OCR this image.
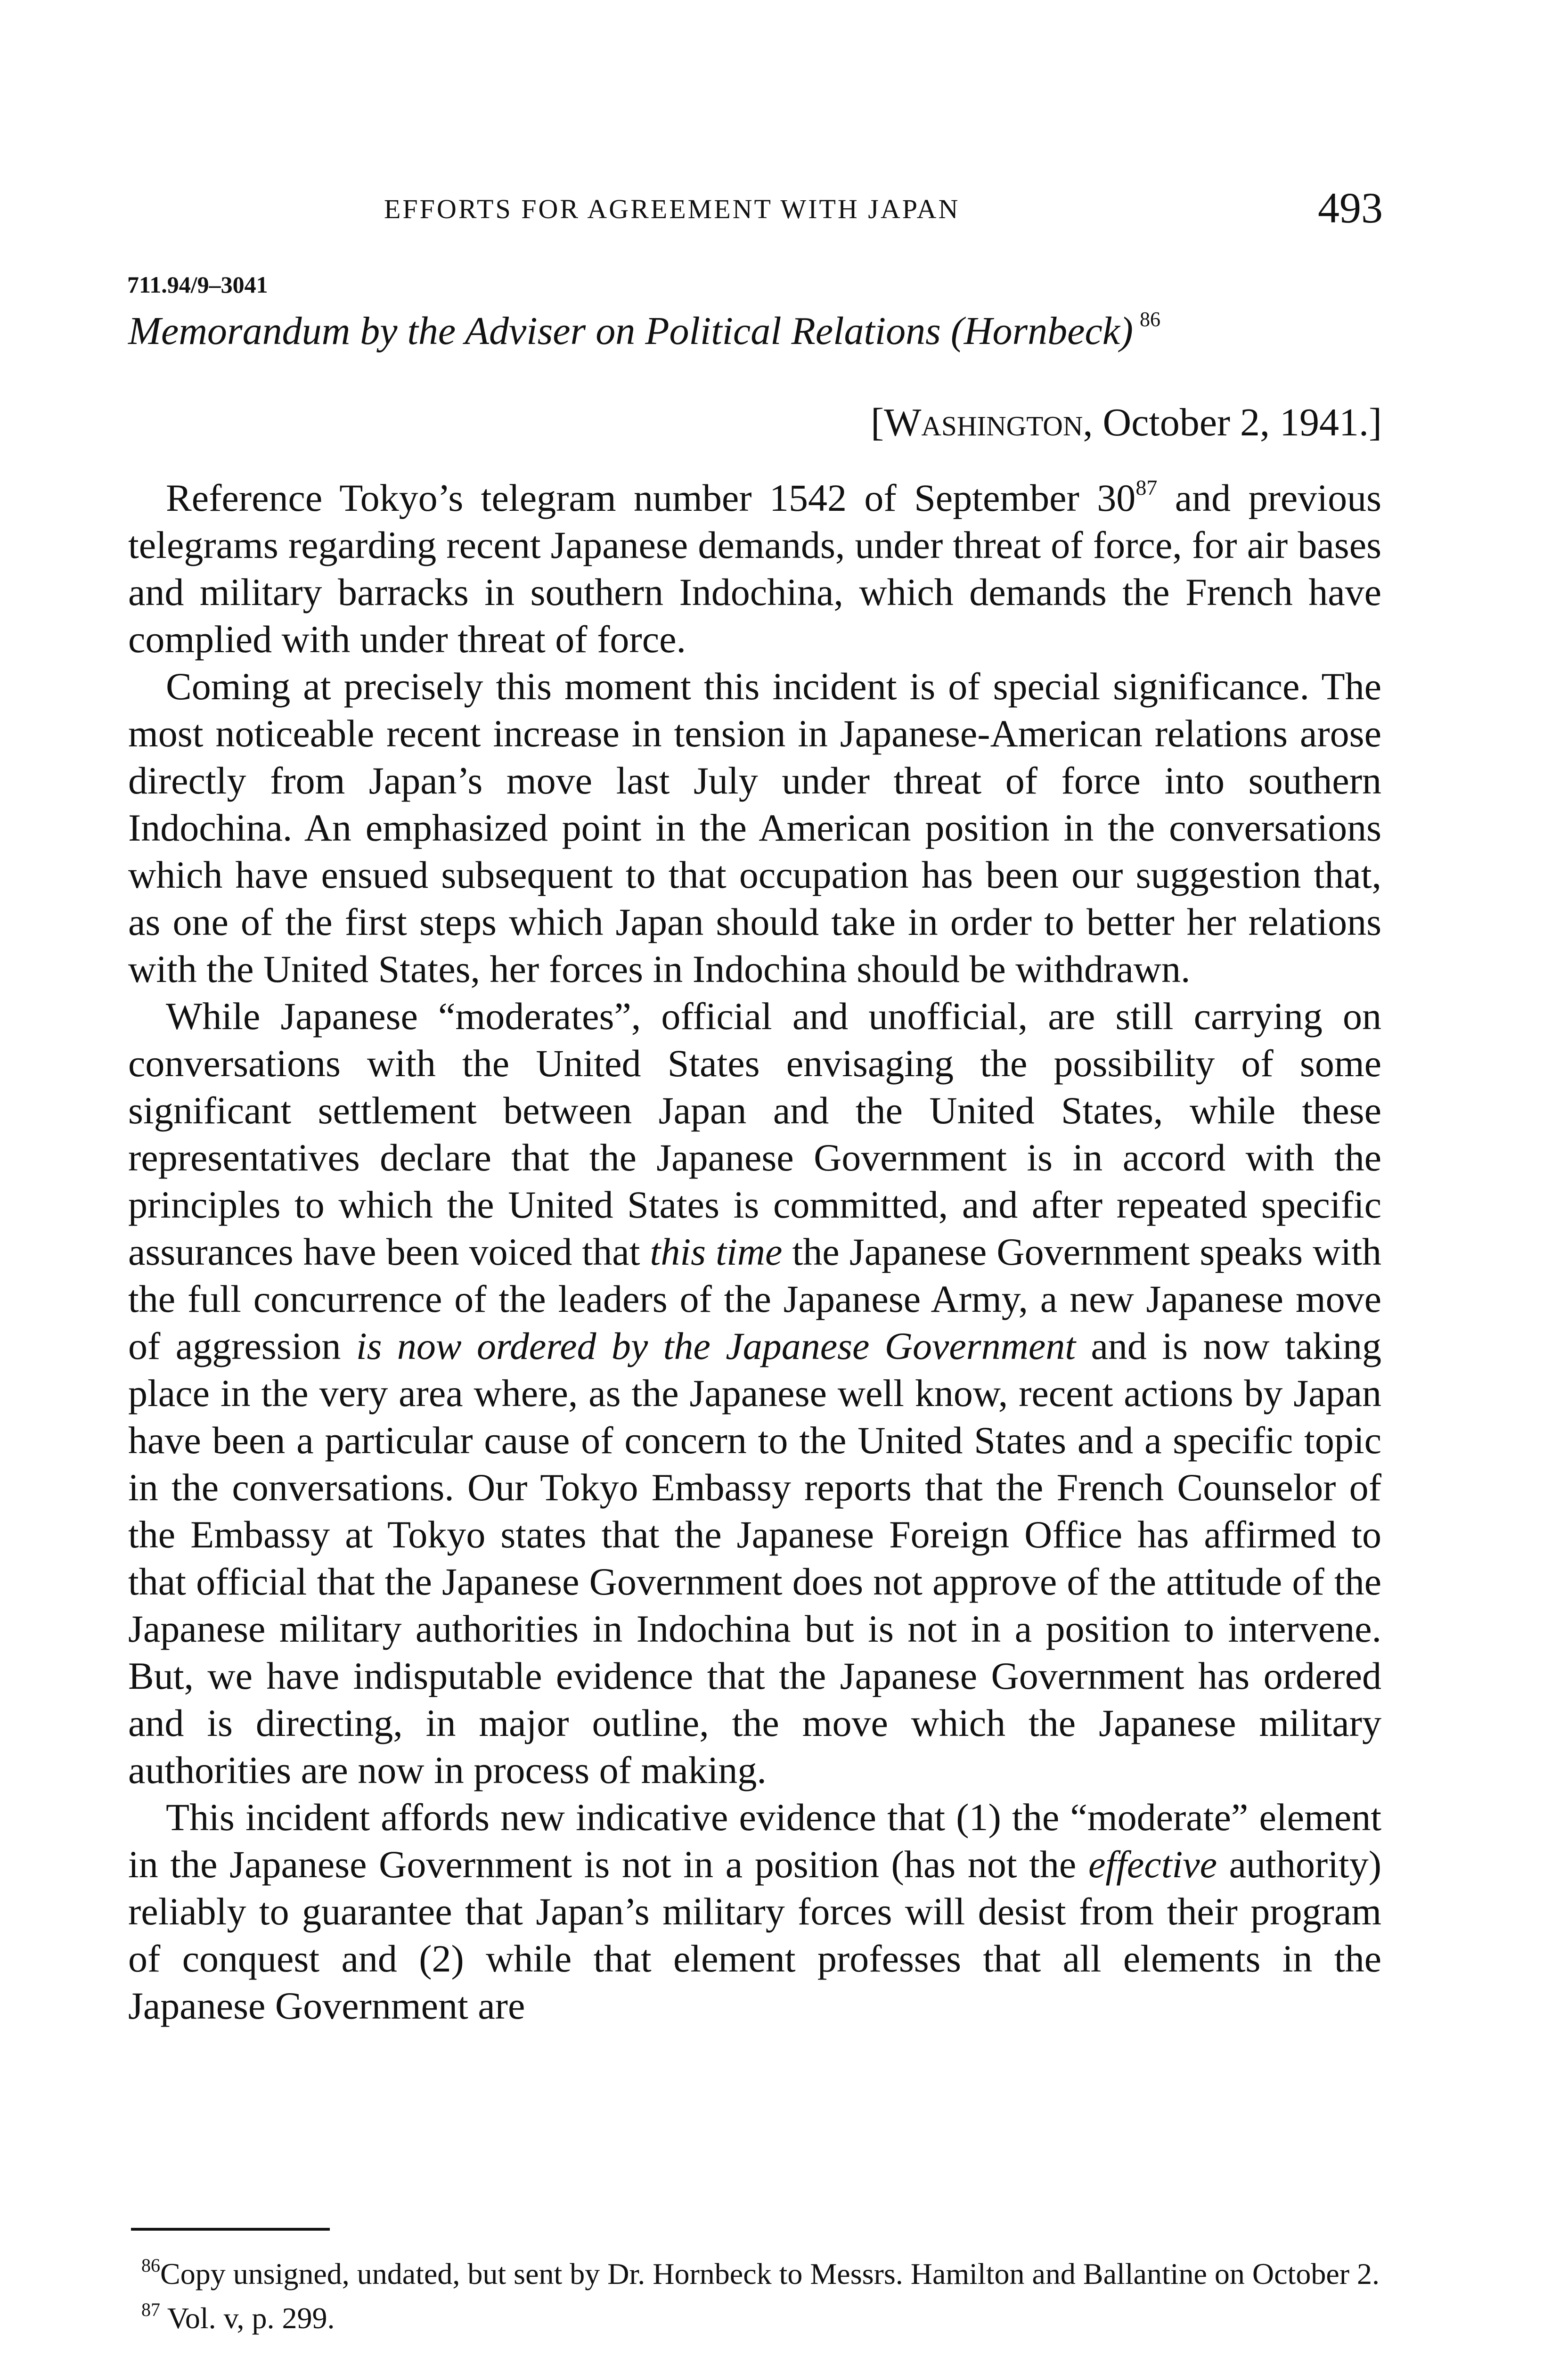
EFFORTS FOR AGREEMENT WITH JAPAN	493
711.94/9–3041
Memorandum by the Adviser on Political Relations (Hornbeck) $^{86}$
[Washington, October 2, 1941.]

Reference Tokyo’s telegram number 1542 of September $30^{87}$ and previous telegrams regarding recent Japanese demands, under threat of force, for air bases and military barracks in southern Indochina, which demands the French have complied with under threat of force.

Coming at precisely this moment this incident is of special significance. The most noticeable recent increase in tension in Japanese-American relations arose directly from Japan’s move last July under threat of force into southern Indochina. An emphasized point in the American position in the conversations which have ensued subsequent to that occupation has been our suggestion that, as one of the first steps which Japan should take in order to better her relations with the United States, her forces in Indochina should be withdrawn.

While Japanese “moderates”, official and unofficial, are still carrying on conversations with the United States envisaging the possibility of some significant settlement between Japan and the United States, while these representatives declare that the Japanese Government is in accord with the principles to which the United States is committed, and after repeated specific assurances have been voiced that this time the Japanese Government speaks with the full concurrence of the leaders of the Japanese Army, a new Japanese move of aggression is now ordered by the Japanese Government and is now taking place in the very area where, as the Japanese well know, recent actions by Japan have been a particular cause of concern to the United States and a specific topic in the conversations. Our Tokyo Embassy reports that the French Counselor of the Embassy at Tokyo states that the Japanese Foreign Office has affirmed to that official that the Japanese Government does not approve of the attitude of the Japanese military authorities in Indochina but is not in a position to intervene. But, we have indisputable evidence that the Japanese Government has ordered and is directing, in major outline, the move which the Japanese military authorities are now in process of making.

This incident affords new indicative evidence that (1) the “moderate” element in the Japanese Government is not in a position (has not the effective authority) reliably to guarantee that Japan’s military forces will desist from their program of conquest and (2) while that element professes that all elements in the Japanese Government are

$^{86}$Copy unsigned, undated, but sent by Dr. Hornbeck to Messrs. Hamilton and Ballantine on October 2.

$^{87}$ Vol. v, p. 299.
